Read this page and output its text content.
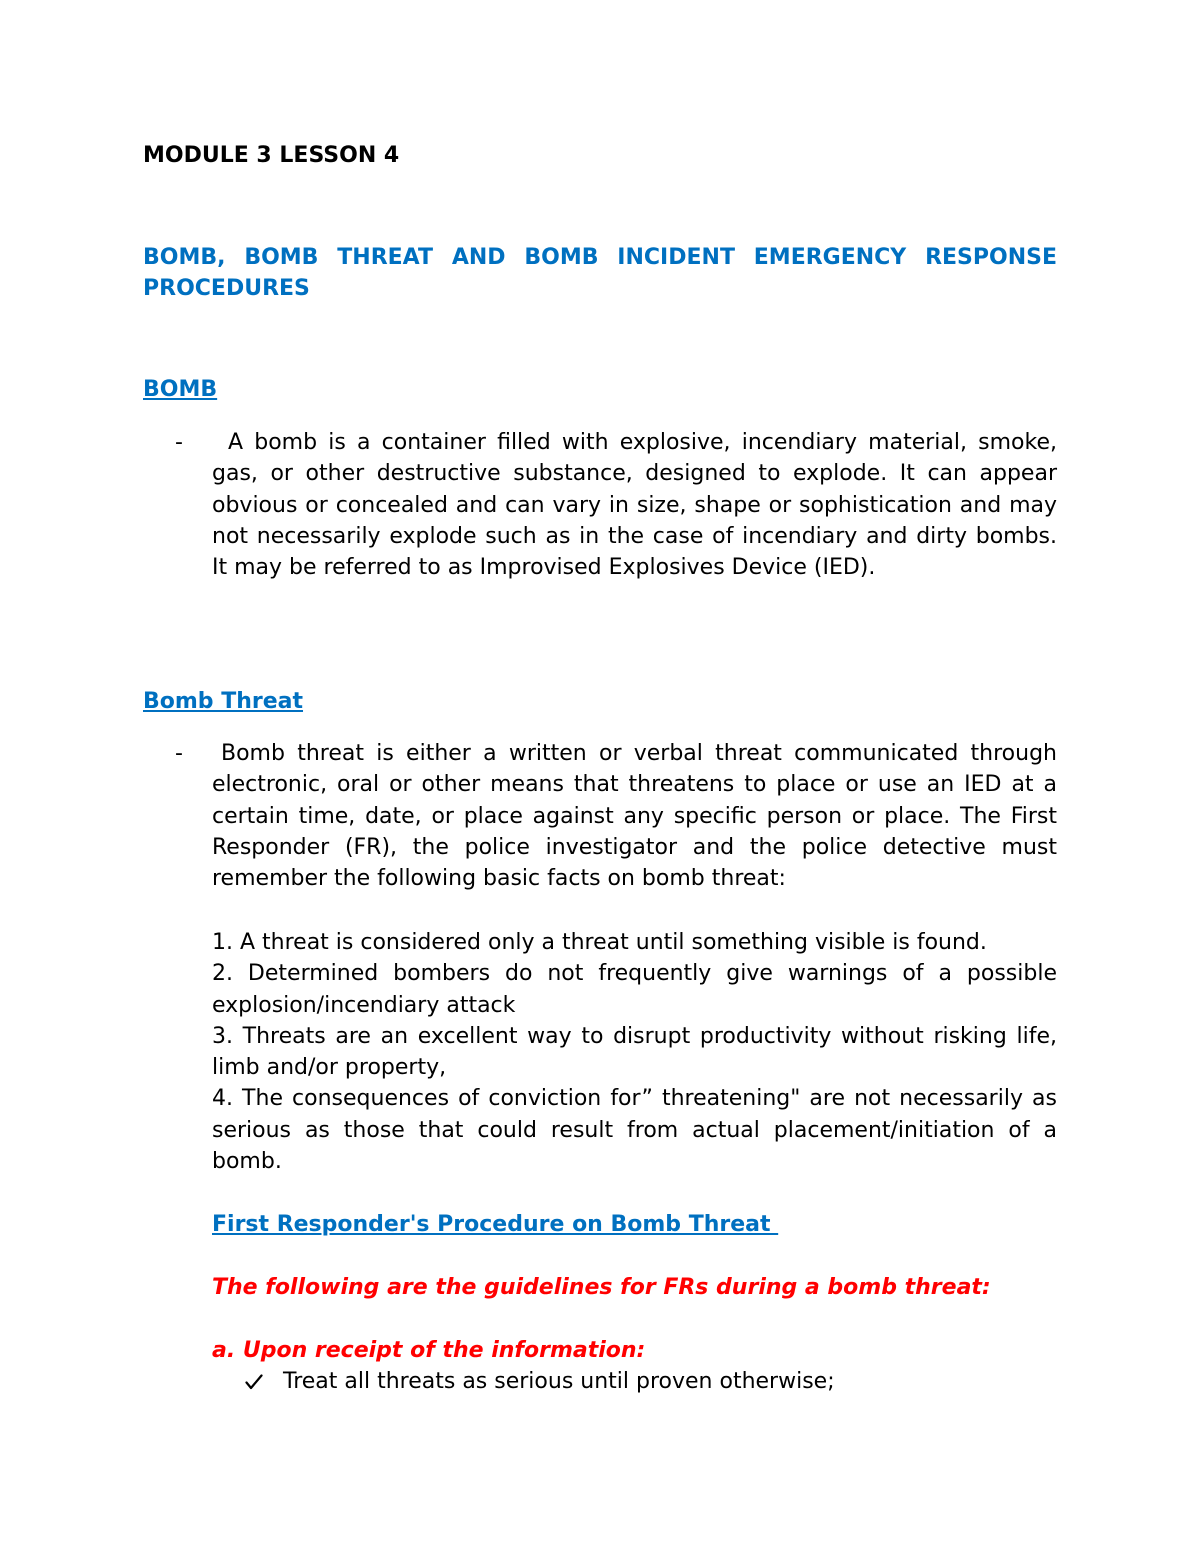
MODULE 3 LESSON 4
BOMB, BOMB THREAT AND BOMB INCIDENT EMERGENCY RESPONSE PROCEDURES
BOMB
-	A bomb is a container filled with explosive, incendiary material, smoke, gas, or other destructive substance, designed to explode. It can appear obvious or concealed and can vary in size, shape or sophistication and may not necessarily explode such as in the case of incendiary and dirty bombs. It may be referred to as Improvised Explosives Device (IED).
Bomb Threat
-	Bomb threat is either a written or verbal threat communicated through electronic, oral or other means that threatens to place or use an IED at a certain time, date, or place against any specific person or place. The First Responder (FR), the police investigator and the police detective must remember the following basic facts on bomb threat:
1. A threat is considered only a threat until something visible is found.
2. Determined bombers do not frequently give warnings of a possible explosion/incendiary attack
3. Threats are an excellent way to disrupt productivity without risking life, limb and/or property,
4. The consequences of conviction for” threatening" are not necessarily as serious as those that could result from actual placement/initiation of a bomb.
First Responder's Procedure on Bomb Threat
The following are the guidelines for FRs during a bomb threat:
a. Upon receipt of the information:
Treat all threats as serious until proven otherwise;
